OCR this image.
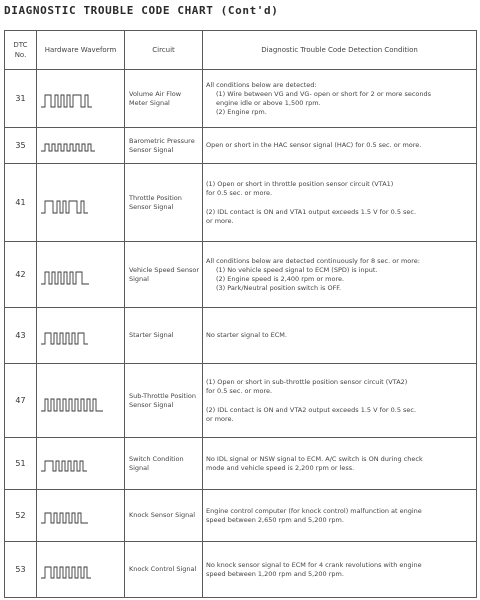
DIAGNOSTIC TROUBLE CODE CHART (Cont'd)
DTC No.	Hardware Waveform	Circuit	Diagnostic Trouble Code Detection Condition
31		Volume Air Flow Meter Signal	All conditions below are detected:
(1) Wire between VG and VG- open or short for 2 or more seconds
engine idle or above 1,500 rpm.
(2) Engine rpm.

35		Barometric Pressure Sensor Signal	Open or short in the HAC sensor signal (HAC) for 0.5 sec. or more.

41		Throttle Position Sensor Signal	(1) Open or short in throttle position sensor circuit (VTA1)
for 0.5 sec. or more.
(2) IDL contact is ON and VTA1 output exceeds 1.5 V for 0.5 sec.
or more.

42		Vehicle Speed Sensor Signal	All conditions below are detected continuously for 8 sec. or more:
(1) No vehicle speed signal to ECM (SPD) is input.
(2) Engine speed is 2,400 rpm or more.
(3) Park/Neutral position switch is OFF.

43		Starter Signal	No starter signal to ECM.

47		Sub-Throttle Position Sensor Signal	(1) Open or short in sub-throttle position sensor circuit (VTA2)
for 0.5 sec. or more.
(2) IDL contact is ON and VTA2 output exceeds 1.5 V for 0.5 sec.
or more.

51		Switch Condition Signal	No IDL signal or NSW signal to ECM. A/C switch is ON during check
mode and vehicle speed is 2,200 rpm or less.

52		Knock Sensor Signal	Engine control computer (for knock control) malfunction at engine
speed between 2,650 rpm and 5,200 rpm.

53		Knock Control Signal	No knock sensor signal to ECM for 4 crank revolutions with engine
speed between 1,200 rpm and 5,200 rpm.
